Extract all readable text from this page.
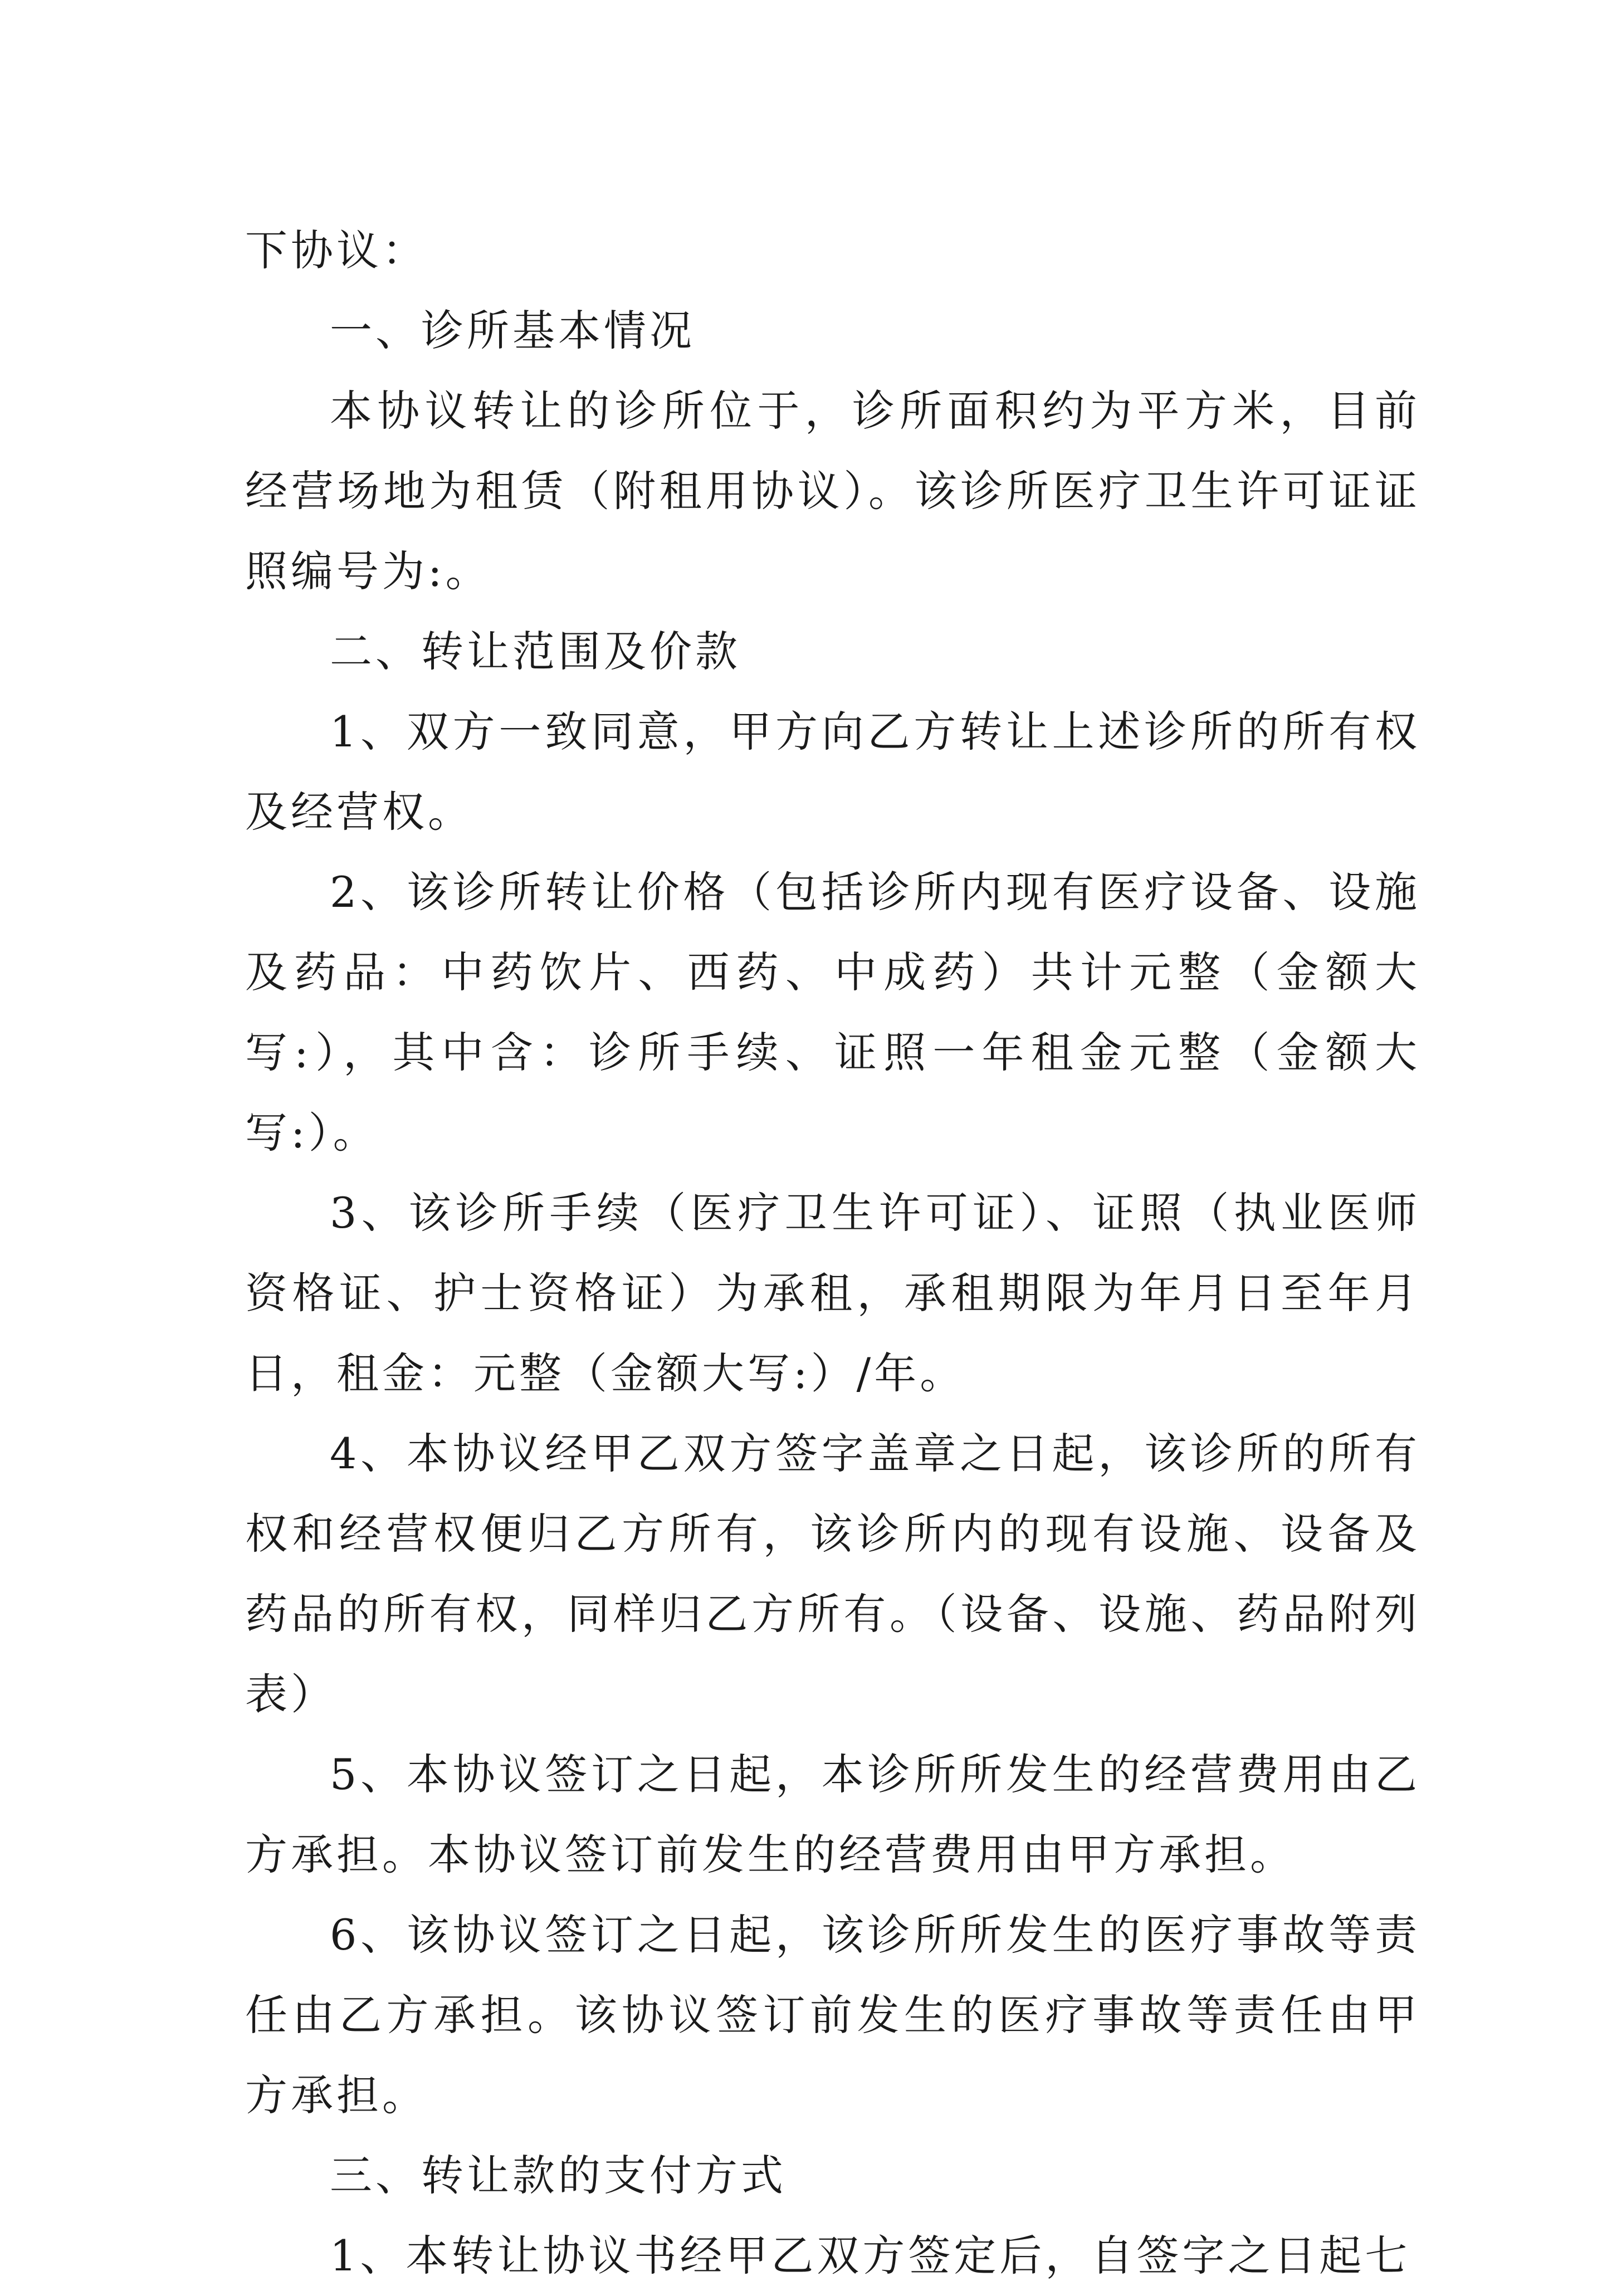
下协议：

一、诊所基本情况

本协议转让的诊所位于，诊所面积约为平方米，目前经营场地为租赁（附租用协议）。该诊所医疗卫生许可证证照编号为:。

二、转让范围及价款

1、双方一致同意，甲方向乙方转让上述诊所的所有权及经营权。

2、该诊所转让价格（包括诊所内现有医疗设备、设施及药品：中药饮片、西药、中成药）共计元整（金额大写:），其中含：诊所手续、证照一年租金元整（金额大写:）。

3、该诊所手续（医疗卫生许可证）、证照（执业医师资格证、护士资格证）为承租，承租期限为年月日至年月日，租金：元整（金额大写:）/年。

4、本协议经甲乙双方签字盖章之日起，该诊所的所有权和经营权便归乙方所有，该诊所内的现有设施、设备及药品的所有权，同样归乙方所有。（设备、设施、药品附列表）

5、本协议签订之日起，本诊所所发生的经营费用由乙方承担。本协议签订前发生的经营费用由甲方承担。

6、该协议签订之日起，该诊所所发生的医疗事故等责任由乙方承担。该协议签订前发生的医疗事故等责任由甲方承担。

三、转让款的支付方式

1、本转让协议书经甲乙双方签定后，自签字之日起七
